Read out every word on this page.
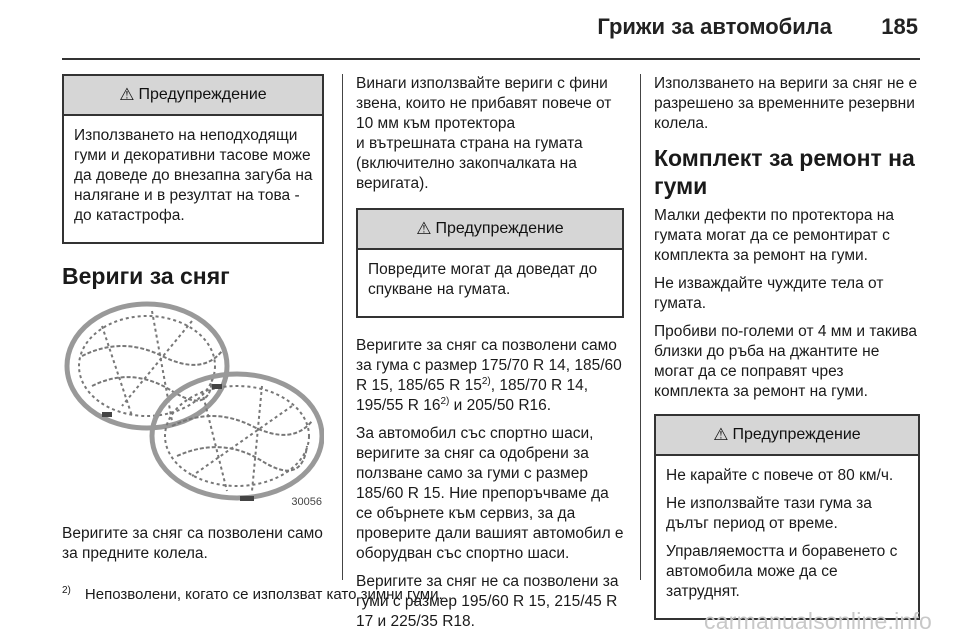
Грижи за автомобила 185
⚠ Предупреждение

Използването на неподходящи гуми и декоративни тасове може да доведе до внезапна загуба на налягане и в резултат на това - до катастрофа.

Вериги за сняг
30056

Веригите за сняг са позволени само за предните колела.

Винаги използвайте вериги с фини звена, които не прибавят повече от 10 мм към протектора

и вътрешната страна на гумата (включително закопчалката на веригата).

⚠ Предупреждение

Повредите могат да доведат до спукване на гумата.

Веригите за сняг са позволени само за гума с размер 175/70 R 14, 185/60 R 15, 185/65 R 15$^{2)}$, 185/70 R 14, 195/55 R 16$^{2)}$ и 205/50 R16.

За автомобил със спортно шаси, веригите за сняг са одобрени за ползване само за гуми с размер 185/60 R 15. Ние препоръчваме да се обърнете към сервиз, за да проверите дали вашият автомобил е оборудван със спортно шаси.

Веригите за сняг не са позволени за гуми с размер 195/60 R 15, 215/45 R 17 и 225/35 R18.

Използването на вериги за сняг не е разрешено за временните резервни колела.

Комплект за ремонт на гуми

Малки дефекти по протектора на гумата могат да се ремонтират с комплекта за ремонт на гуми.

Не изваждайте чуждите тела от гумата.

Пробиви по-големи от 4 мм и такива близки до ръба на джантите не могат да се поправят чрез комплекта за ремонт на гуми.

⚠ Предупреждение

Не карайте с повече от 80 км/ч.

Не използвайте тази гума за дълъг период от време.

Управляемостта и боравенето с автомобила може да се затруднят.

$^{2)}$ Непозволени, когато се използват като зимни гуми.
carmanualsonline.info
